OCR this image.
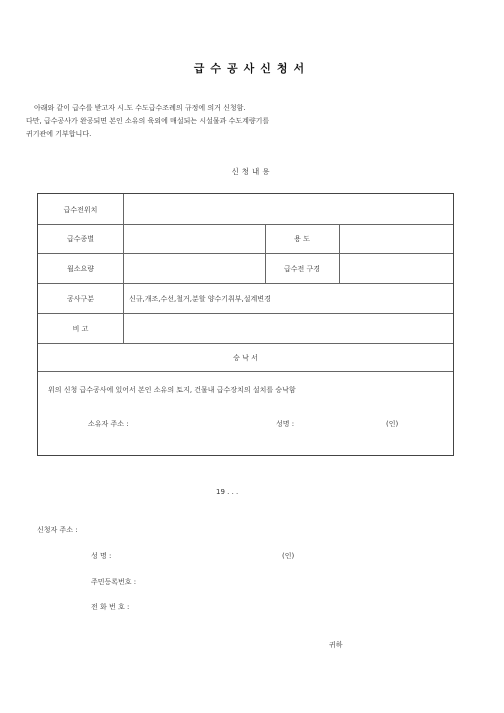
급수공사신청서
아래와 같이 급수를 받고자 시.도 수도급수조례의 규정에 의거 신청함.
다만, 급수공사가 완공되면 본인 소유의 육외에 매설되는 시설물과 수도계량기를
귀기관에 기부합니다.
신청내용
급수전위치
급수종별	용 도
월소요량	급수전 구경
공사구분	신규,개조,수선,철거,분할 양수기취부,설계변경
비 고
승 낙 서
위의 신청 급수공사에 있어서 본인 소유의 토지, 건물내 급수장치의 설치를 승낙함
소유자 주소 :	성명 :	(인)
19 . . .
신청자 주소 :
성 명 :	(인)
주민등록번호 :
전 화 번 호 :
귀하
